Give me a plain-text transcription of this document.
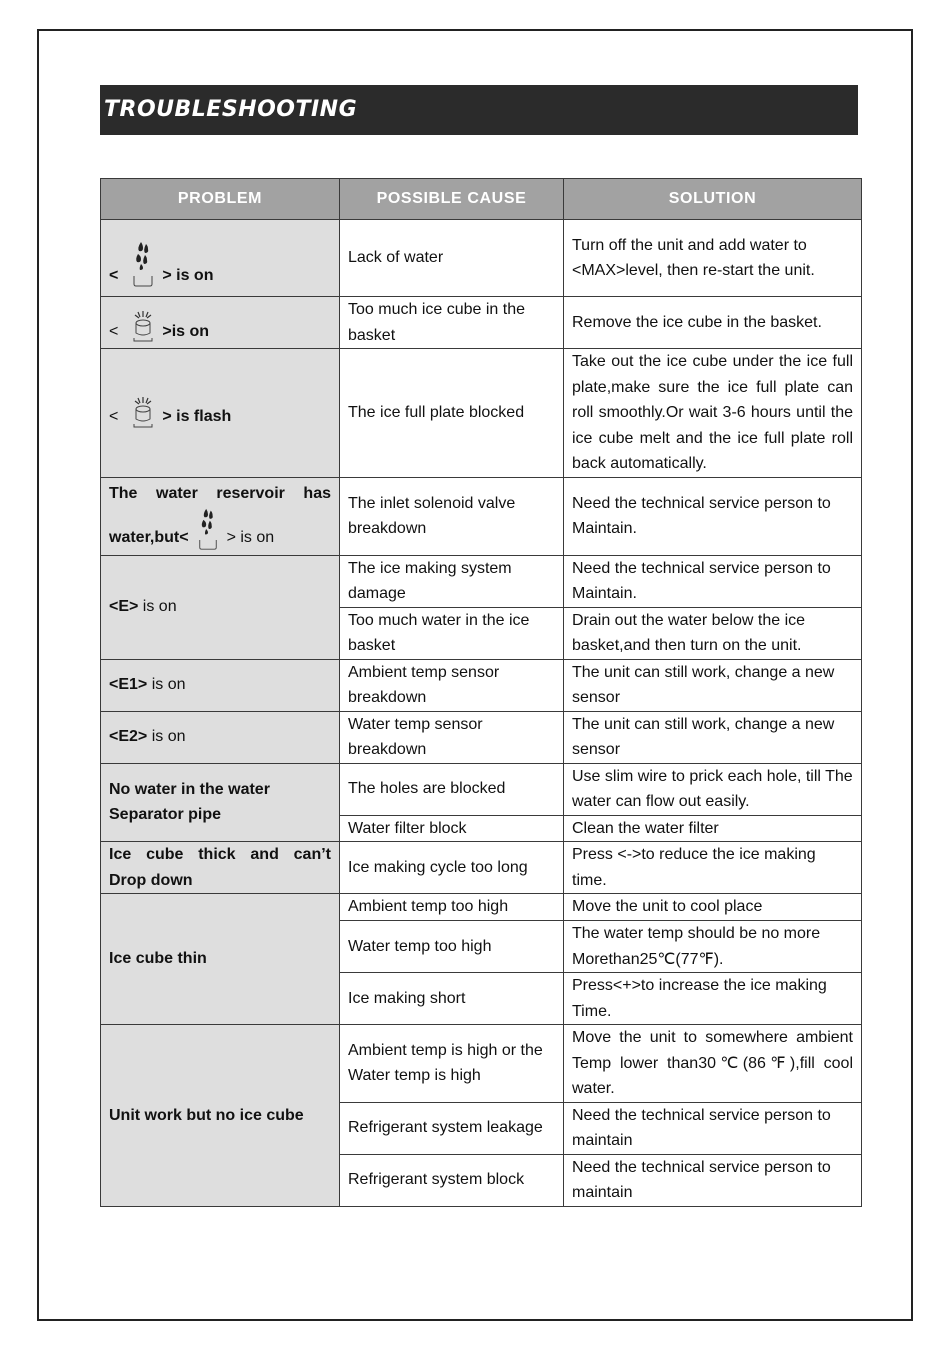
TROUBLESHOOTING
PROBLEM	POSSIBLE CAUSE	SOLUTION

< > is on	Lack of water	Turn off the unit and add water to <MAX>level, then re-start the unit.

< >is on	Too much ice cube in the basket	Remove the ice cube in the basket.

< > is flash	The ice full plate blocked	Take out the ice cube under the ice full plate,make sure the ice full plate can roll smoothly.Or wait 3-6 hours until the ice cube melt and the ice full plate roll back automatically.

The water reservoir has
water,but< > is on	The inlet solenoid valve breakdown	Need the technical service person to Maintain.
<E> is on	The ice making system damage	Need the technical service person to Maintain.
	Too much water in the ice basket	Drain out the water below the ice basket,and then turn on the unit.
<E1> is on	Ambient temp sensor breakdown	The unit can still work, change a new sensor
<E2> is on	Water temp sensor breakdown	The unit can still work, change a new sensor
No water in the water Separator pipe	The holes are blocked	Use slim wire to prick each hole, till The water can flow out easily.
	Water filter block	Clean the water filter
Ice cube thick and can’t Drop down	Ice making cycle too long	Press <->to reduce the ice making time.
Ice cube thin	Ambient temp too high	Move the unit to cool place
	Water temp too high	The water temp should be no more Morethan25℃(77℉).
	Ice making short	Press<+>to increase the ice making Time.
Unit work but no ice cube	Ambient temp is high or the Water temp is high	Move the unit to somewhere ambient Temp lower than30℃(86℉),fill cool water.
	Refrigerant system leakage	Need the technical service person to maintain
	Refrigerant system block	Need the technical service person to maintain
